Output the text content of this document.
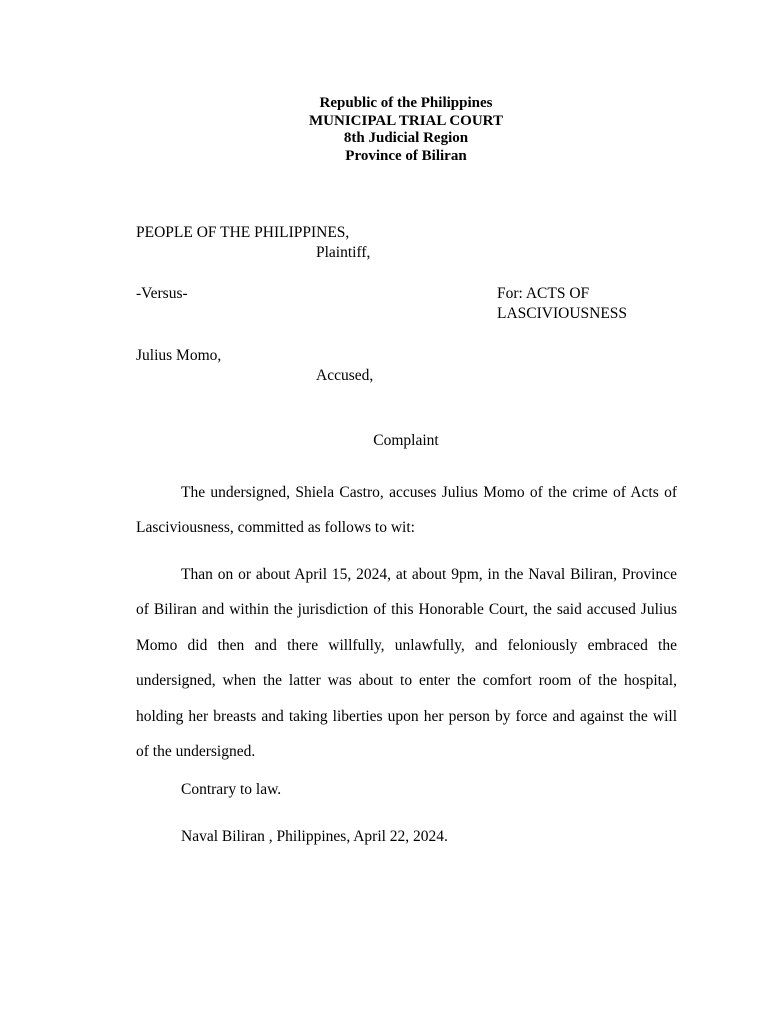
Republic of the Philippines
MUNICIPAL TRIAL COURT
8th Judicial Region
Province of Biliran
PEOPLE OF THE PHILIPPINES,
Plaintiff,
-Versus-	For: ACTS OF
LASCIVIOUSNESS
Julius Momo,
Accused,
Complaint
The undersigned, Shiela Castro, accuses Julius Momo of the crime of Acts of Lasciviousness, committed as follows to wit:
Than on or about April 15, 2024, at about 9pm, in the Naval Biliran, Province of Biliran and within the jurisdiction of this Honorable Court, the said accused Julius Momo did then and there willfully, unlawfully, and feloniously embraced the undersigned, when the latter was about to enter the comfort room of the hospital, holding her breasts and taking liberties upon her person by force and against the will of the undersigned.
Contrary to law.
Naval Biliran , Philippines, April 22, 2024.
